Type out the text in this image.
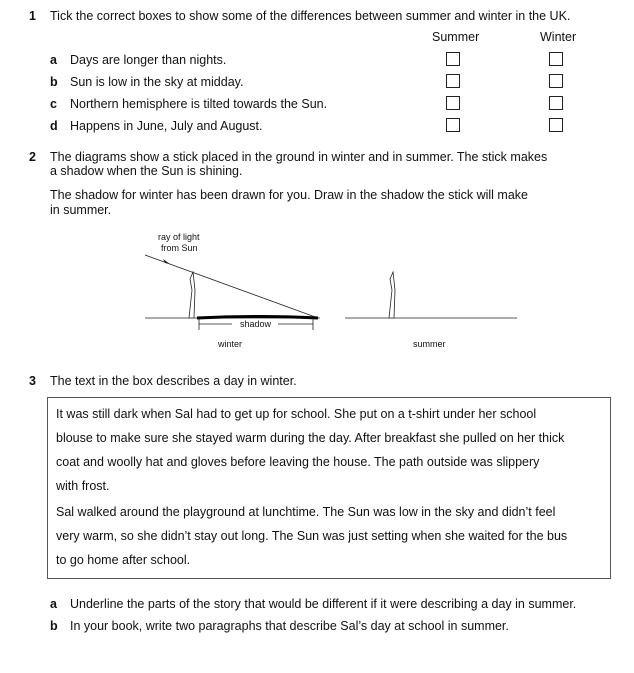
1 Tick the correct boxes to show some of the differences between summer and winter in the UK.
Summer	Winter
a Days are longer than nights.
b Sun is low in the sky at midday.
c Northern hemisphere is tilted towards the Sun.
d Happens in June, July and August.
2 The diagrams show a stick placed in the ground in winter and in summer. The stick makes
a shadow when the Sun is shining.
The shadow for winter has been drawn for you. Draw in the shadow the stick will make
in summer.
ray of light
from Sun
shadow
winter	summer
3 The text in the box describes a day in winter.
It was still dark when Sal had to get up for school. She put on a t-shirt under her school
blouse to make sure she stayed warm during the day. After breakfast she pulled on her thick
coat and woolly hat and gloves before leaving the house. The path outside was slippery
with frost.
Sal walked around the playground at lunchtime. The Sun was low in the sky and didn’t feel
very warm, so she didn’t stay out long. The Sun was just setting when she waited for the bus
to go home after school.
a Underline the parts of the story that would be different if it were describing a day in summer.
b In your book, write two paragraphs that describe Sal’s day at school in summer.
